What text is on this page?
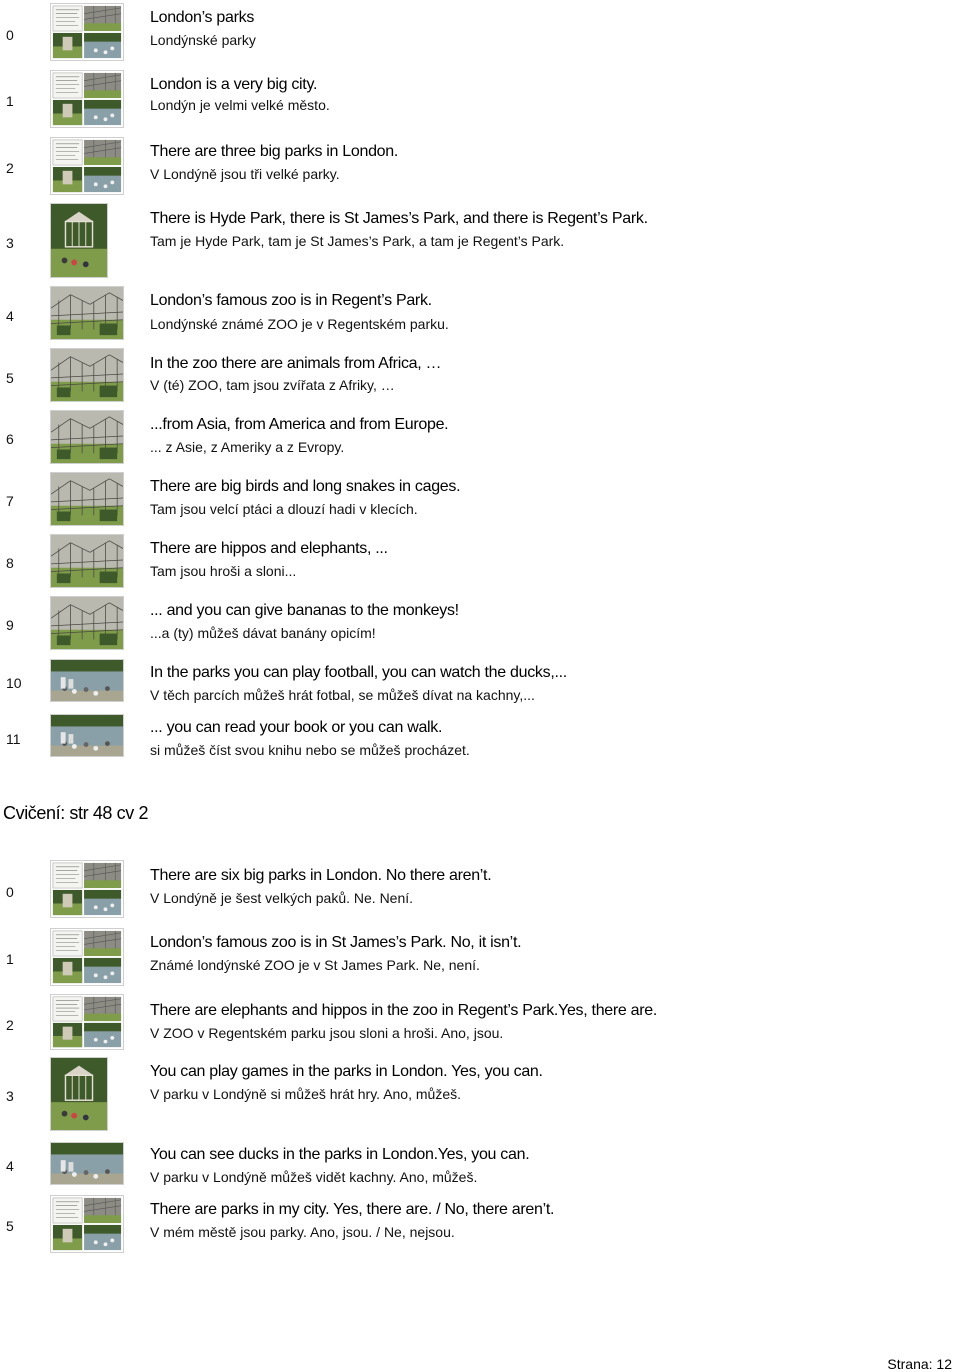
0
London’s parks
Londýnské parky
1
London is a very big city.
Londýn je velmi velké město.
2
There are three big parks in London.
V Londýně jsou tři velké parky.
3
There is Hyde Park, there is St James’s Park, and there is Regent’s Park.
Tam je Hyde Park, tam je St James’s Park, a tam je Regent’s Park.
4
London’s famous zoo is in Regent’s Park.
Londýnské známé ZOO je v Regentském parku.
5
In the zoo there are animals from Africa, …
V (té) ZOO, tam jsou zvířata z Afriky, …
6
...from Asia, from America and from Europe.
... z Asie, z Ameriky a z Evropy.
7
There are big birds and long snakes in cages.
Tam jsou velcí ptáci a dlouzí hadi v klecích.
8
There are hippos and elephants, ...
Tam jsou hroši a sloni...
9
... and you can give bananas to the monkeys!
...a (ty) můžeš dávat banány opicím!
10
In the parks you can play football, you can watch the ducks,...
V těch parcích můžeš hrát fotbal, se můžeš dívat na kachny,...
11
... you can read your book or you can walk.
si můžeš číst svou knihu nebo se můžeš procházet.
Cvičení: str 48 cv 2
0
There are six big parks in London. No there aren’t.
V Londýně je šest velkých paků. Ne. Není.
1
London’s famous zoo is in St James’s Park. No, it isn’t.
Známé londýnské ZOO je v St James Park. Ne, není.
2
There are elephants and hippos in the zoo in Regent’s Park.Yes, there are.
V ZOO v Regentském parku jsou sloni a hroši. Ano, jsou.
3
You can play games in the parks in London. Yes, you can.
V parku v Londýně si můžeš hrát hry. Ano, můžeš.
4
You can see ducks in the parks in London.Yes, you can.
V parku v Londýně můžeš vidět kachny. Ano, můžeš.
5
There are parks in my city. Yes, there are. / No, there aren’t.
V mém městě jsou parky. Ano, jsou. / Ne, nejsou.
Strana: 12
